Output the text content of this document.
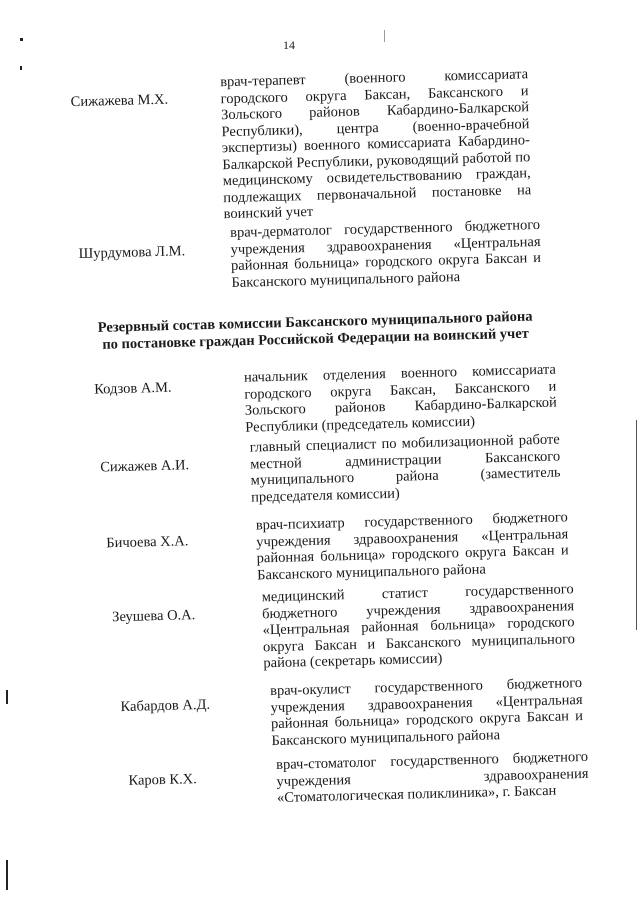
14
Сижажева М.Х.
врач-терапевт (военного комиссариата городского округа Баксан, Баксанского и Зольского районов Кабардино-Балкарской Республики), центра (военно-врачебной экспертизы) военного комиссариата Кабардино-Балкарской Республики, руководящий работой по медицинскому освидетельствованию граждан, подлежащих первоначальной постановке на воинский учет
Шурдумова Л.М.
врач-дерматолог государственного бюджетного учреждения здравоохранения «Центральная районная больница» городского округа Баксан и Баксанского муниципального района
Резервный состав комиссии Баксанского муниципального района по постановке граждан Российской Федерации на воинский учет
Кодзов А.М.
начальник отделения военного комиссариата городского округа Баксан, Баксанского и Зольского районов Кабардино-Балкарской Республики (председатель комиссии)
Сижажев А.И.
главный специалист по мобилизационной работе местной администрации Баксанского муниципального района (заместитель председателя комиссии)
Бичоева Х.А.
врач-психиатр государственного бюджетного учреждения здравоохранения «Центральная районная больница» городского округа Баксан и Баксанского муниципального района
Зеушева О.А.
медицинский статист государственного бюджетного учреждения здравоохранения «Центральная районная больница» городского округа Баксан и Баксанского муниципального района (секретарь комиссии)
Кабардов А.Д.
врач-окулист государственного бюджетного учреждения здравоохранения «Центральная районная больница» городского округа Баксан и Баксанского муниципального района
Каров К.Х.
врач-стоматолог государственного бюджетного учреждения здравоохранения «Стоматологическая поликлиника», г. Баксан
